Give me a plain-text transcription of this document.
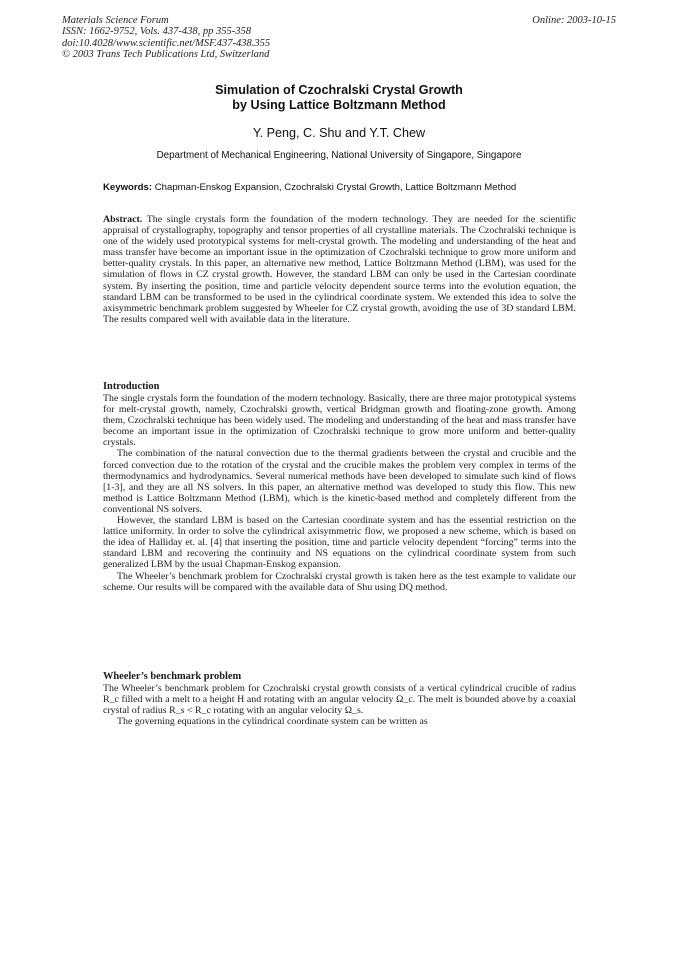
Materials Science Forum
ISSN: 1662-9752, Vols. 437-438, pp 355-358
doi:10.4028/www.scientific.net/MSF.437-438.355
© 2003 Trans Tech Publications Ltd, Switzerland
Online: 2003-10-15
Simulation of Czochralski Crystal Growth
by Using Lattice Boltzmann Method
Y. Peng, C. Shu and Y.T. Chew
Department of Mechanical Engineering, National University of Singapore, Singapore
Keywords: Chapman-Enskog Expansion, Czochralski Crystal Growth, Lattice Boltzmann Method

Abstract. The single crystals form the foundation of the modern technology. They are needed for the scientific appraisal of crystallography, topography and tensor properties of all crystalline materials. The Czochralski technique is one of the widely used prototypical systems for melt-crystal growth. The modeling and understanding of the heat and mass transfer have become an important issue in the optimization of Czochralski technique to grow more uniform and better-quality crystals. In this paper, an alternative new method, Lattice Boltzmann Method (LBM), was used for the simulation of flows in CZ crystal growth. However, the standard LBM can only be used in the Cartesian coordinate system. By inserting the position, time and particle velocity dependent source terms into the evolution equation, the standard LBM can be transformed to be used in the cylindrical coordinate system. We extended this idea to solve the axisymmetric benchmark problem suggested by Wheeler for CZ crystal growth, avoiding the use of 3D standard LBM. The results compared well with available data in the literature.

Introduction

The single crystals form the foundation of the modern technology. Basically, there are three major prototypical systems for melt-crystal growth, namely, Czochralski growth, vertical Bridgman growth and floating-zone growth. Among them, Czochralski technique has been widely used. The modeling and understanding of the heat and mass transfer have become an important issue in the optimization of Czochralski technique to grow more uniform and better-quality crystals.

The combination of the natural convection due to the thermal gradients between the crystal and crucible and the forced convection due to the rotation of the crystal and the crucible makes the problem very complex in terms of the thermodynamics and hydrodynamics. Several numerical methods have been developed to simulate such kind of flows [1-3], and they are all NS solvers. In this paper, an alternative method was developed to study this flow. This new method is Lattice Boltzmann Method (LBM), which is the kinetic-based method and completely different from the conventional NS solvers.

However, the standard LBM is based on the Cartesian coordinate system and has the essential restriction on the lattice uniformity. In order to solve the cylindrical axisymmetric flow, we proposed a new scheme, which is based on the idea of Halliday et. al. [4] that inserting the position, time and particle velocity dependent “forcing” terms into the standard LBM and recovering the continuity and NS equations on the cylindrical coordinate system from such generalized LBM by the usual Chapman-Enskog expansion.

The Wheeler’s benchmark problem for Czochralski crystal growth is taken here as the test example to validate our scheme. Our results will be compared with the available data of Shu using DQ method.

Wheeler’s benchmark problem

The Wheeler’s benchmark problem for Czochralski crystal growth consists of a vertical cylindrical crucible of radius R_c filled with a melt to a height H and rotating with an angular velocity Ω_c. The melt is bounded above by a coaxial crystal of radius R_s < R_c rotating with an angular velocity Ω_s.

The governing equations in the cylindrical coordinate system can be written as
